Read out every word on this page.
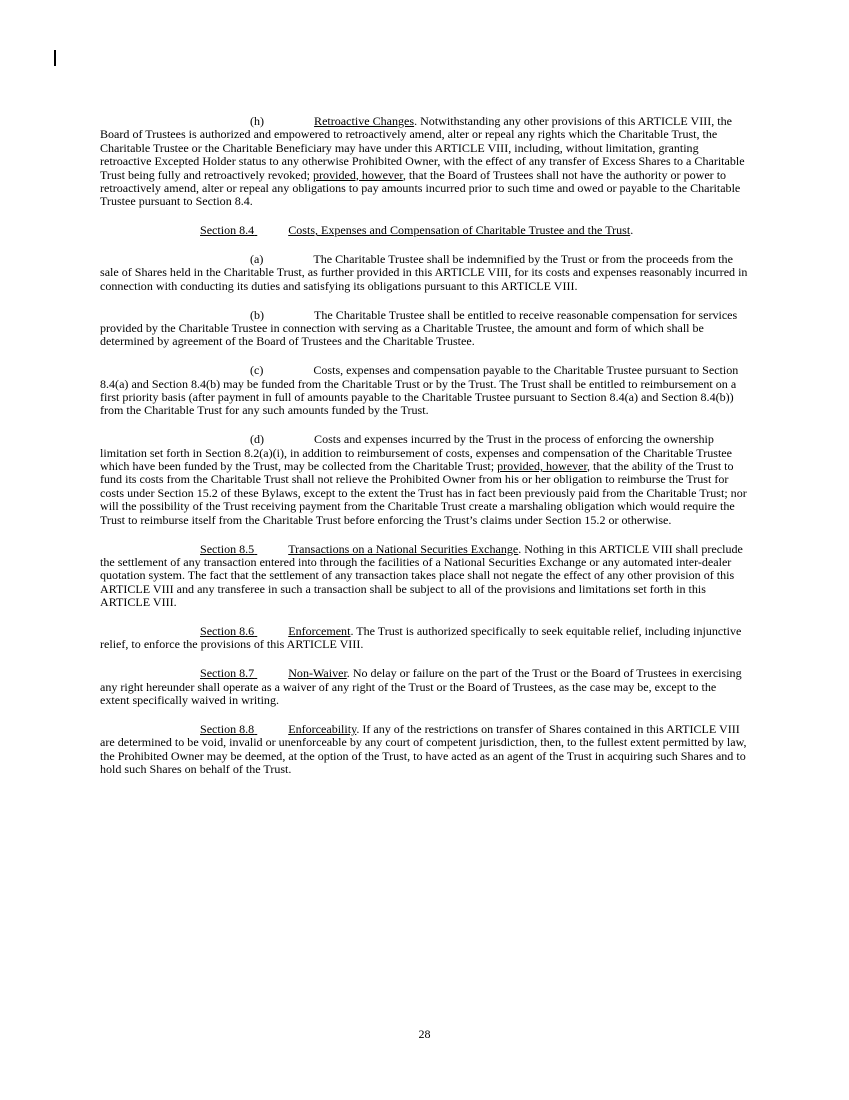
(h)	Retroactive Changes. Notwithstanding any other provisions of this ARTICLE VIII, the Board of Trustees is authorized and empowered to retroactively amend, alter or repeal any rights which the Charitable Trust, the Charitable Trustee or the Charitable Beneficiary may have under this ARTICLE VIII, including, without limitation, granting retroactive Excepted Holder status to any otherwise Prohibited Owner, with the effect of any transfer of Excess Shares to a Charitable Trust being fully and retroactively revoked; provided, however, that the Board of Trustees shall not have the authority or power to retroactively amend, alter or repeal any obligations to pay amounts incurred prior to such time and owed or payable to the Charitable Trustee pursuant to Section 8.4.

Section 8.4	Costs, Expenses and Compensation of Charitable Trustee and the Trust.

(a)	The Charitable Trustee shall be indemnified by the Trust or from the proceeds from the sale of Shares held in the Charitable Trust, as further provided in this ARTICLE VIII, for its costs and expenses reasonably incurred in connection with conducting its duties and satisfying its obligations pursuant to this ARTICLE VIII.

(b)	The Charitable Trustee shall be entitled to receive reasonable compensation for services provided by the Charitable Trustee in connection with serving as a Charitable Trustee, the amount and form of which shall be determined by agreement of the Board of Trustees and the Charitable Trustee.

(c)	Costs, expenses and compensation payable to the Charitable Trustee pursuant to Section 8.4(a) and Section 8.4(b) may be funded from the Charitable Trust or by the Trust. The Trust shall be entitled to reimbursement on a first priority basis (after payment in full of amounts payable to the Charitable Trustee pursuant to Section 8.4(a) and Section 8.4(b)) from the Charitable Trust for any such amounts funded by the Trust.

(d)	Costs and expenses incurred by the Trust in the process of enforcing the ownership limitation set forth in Section 8.2(a)(i), in addition to reimbursement of costs, expenses and compensation of the Charitable Trustee which have been funded by the Trust, may be collected from the Charitable Trust; provided, however, that the ability of the Trust to fund its costs from the Charitable Trust shall not relieve the Prohibited Owner from his or her obligation to reimburse the Trust for costs under Section 15.2 of these Bylaws, except to the extent the Trust has in fact been previously paid from the Charitable Trust; nor will the possibility of the Trust receiving payment from the Charitable Trust create a marshaling obligation which would require the Trust to reimburse itself from the Charitable Trust before enforcing the Trust’s claims under Section 15.2 or otherwise.

Section 8.5	Transactions on a National Securities Exchange. Nothing in this ARTICLE VIII shall preclude the settlement of any transaction entered into through the facilities of a National Securities Exchange or any automated inter-dealer quotation system. The fact that the settlement of any transaction takes place shall not negate the effect of any other provision of this ARTICLE VIII and any transferee in such a transaction shall be subject to all of the provisions and limitations set forth in this ARTICLE VIII.

Section 8.6	Enforcement. The Trust is authorized specifically to seek equitable relief, including injunctive relief, to enforce the provisions of this ARTICLE VIII.

Section 8.7	Non-Waiver. No delay or failure on the part of the Trust or the Board of Trustees in exercising any right hereunder shall operate as a waiver of any right of the Trust or the Board of Trustees, as the case may be, except to the extent specifically waived in writing.

Section 8.8	Enforceability. If any of the restrictions on transfer of Shares contained in this ARTICLE VIII are determined to be void, invalid or unenforceable by any court of competent jurisdiction, then, to the fullest extent permitted by law, the Prohibited Owner may be deemed, at the option of the Trust, to have acted as an agent of the Trust in acquiring such Shares and to hold such Shares on behalf of the Trust.

28
